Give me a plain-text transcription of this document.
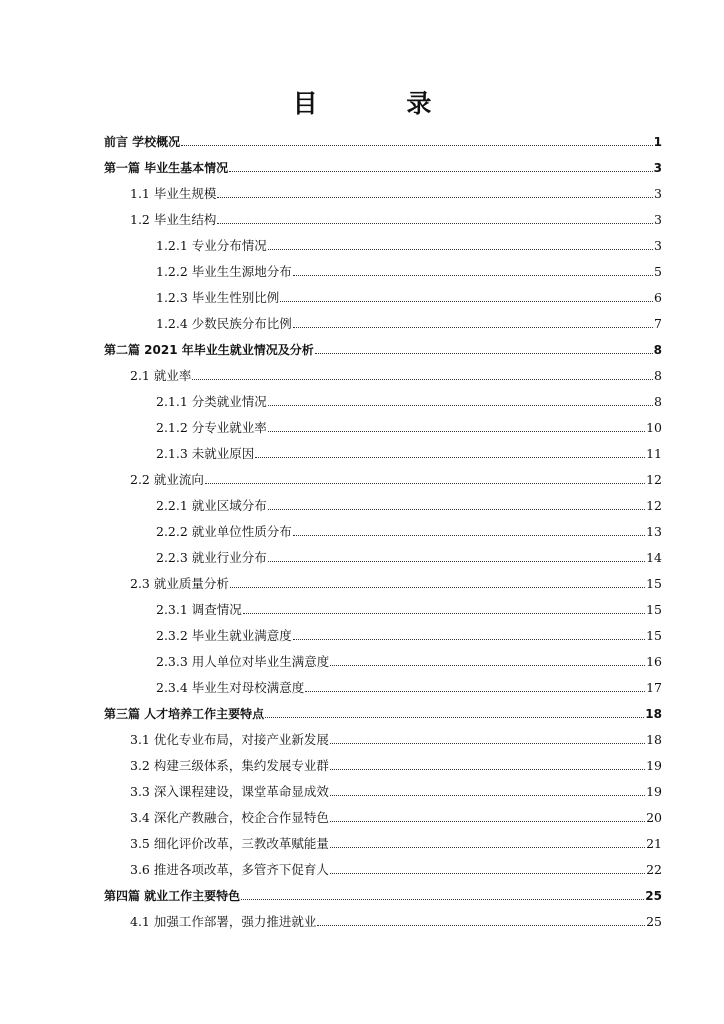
目 录
前言 学校概况	1
第一篇 毕业生基本情况	3
1.1 毕业生规模	3
1.2 毕业生结构	3
1.2.1 专业分布情况	3
1.2.2 毕业生生源地分布	5
1.2.3 毕业生性别比例	6
1.2.4 少数民族分布比例	7
第二篇 2021 年毕业生就业情况及分析	8
2.1 就业率	8
2.1.1 分类就业情况	8
2.1.2 分专业就业率	10
2.1.3 未就业原因	11
2.2 就业流向	12
2.2.1 就业区域分布	12
2.2.2 就业单位性质分布	13
2.2.3 就业行业分布	14
2.3 就业质量分析	15
2.3.1 调查情况	15
2.3.2 毕业生就业满意度	15
2.3.3 用人单位对毕业生满意度	16
2.3.4 毕业生对母校满意度	17
第三篇 人才培养工作主要特点	18
3.1 优化专业布局，对接产业新发展	18
3.2 构建三级体系，集约发展专业群	19
3.3 深入课程建设，课堂革命显成效	19
3.4 深化产教融合，校企合作显特色	20
3.5 细化评价改革，三教改革赋能量	21
3.6 推进各项改革，多管齐下促育人	22
第四篇 就业工作主要特色	25
4.1 加强工作部署，强力推进就业	25
